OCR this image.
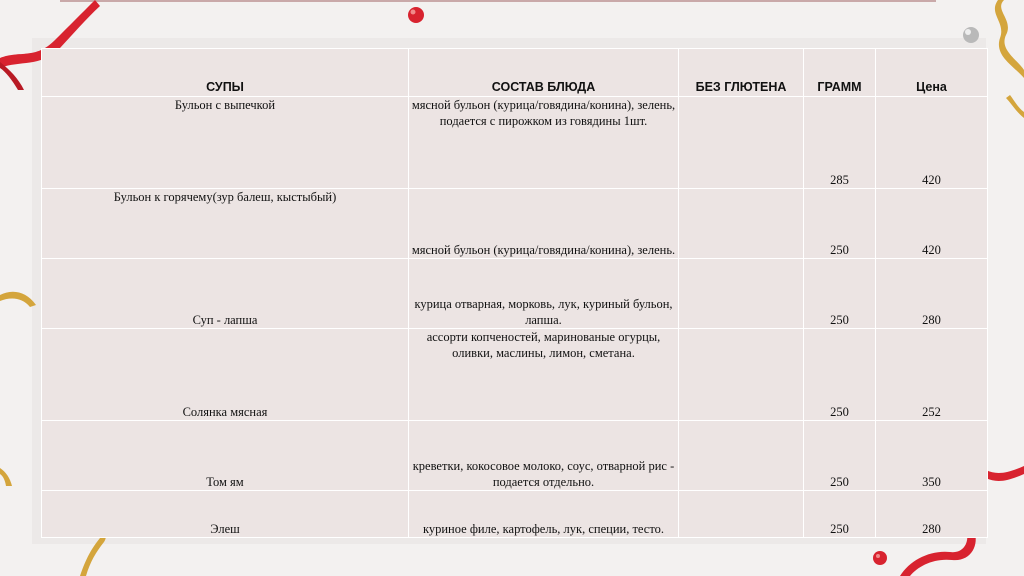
СУПЫ	СОСТАВ БЛЮДА	БЕЗ ГЛЮТЕНА	ГРАММ	Цена
Бульон с выпечкой	мясной бульон (курица/говядина/конина), зелень, подается с пирожком из говядины 1шт.		285	420
Бульон к горячему(зур балеш, кыстыбый)	мясной бульон (курица/говядина/конина), зелень.		250	420
Суп - лапша	курица отварная, морковь, лук, куриный бульон, лапша.		250	280
Солянка мясная	ассорти копченостей, маринованые огурцы, оливки, маслины, лимон, сметана.		250	252
Том ям	креветки, кокосовое молоко, соус, отварной рис - подается отдельно.		250	350
Элеш	куриное филе, картофель, лук, специи, тесто.		250	280
